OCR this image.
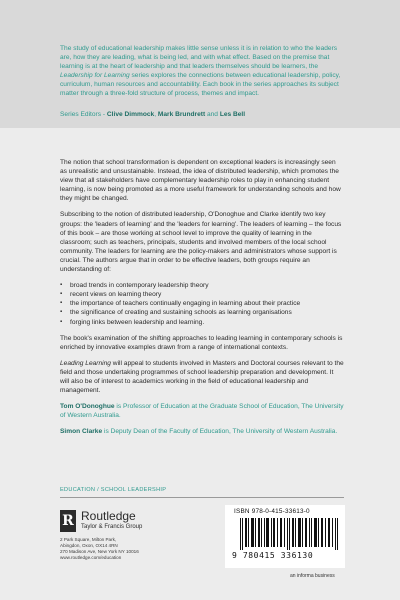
The study of educational leadership makes little sense unless it is in relation to who the leaders are, how they are leading, what is being led, and with what effect. Based on the premise that learning is at the heart of leadership and that leaders themselves should be learners, the Leadership for Learning series explores the connections between educational leadership, policy, curriculum, human resources and accountability. Each book in the series approaches its subject matter through a three-fold structure of process, themes and impact.
Series Editors - Clive Dimmock, Mark Brundrett and Les Bell

The notion that school transformation is dependent on exceptional leaders is increasingly seen as unrealistic and unsustainable. Instead, the idea of distributed leadership, which promotes the view that all stakeholders have complementary leadership roles to play in enhancing student learning, is now being promoted as a more useful framework for understanding schools and how they might be changed.

Subscribing to the notion of distributed leadership, O'Donoghue and Clarke identify two key groups: the 'leaders of learning' and the 'leaders for learning'. The leaders of learning – the focus of this book – are those working at school level to improve the quality of learning in the classroom; such as teachers, principals, students and involved members of the local school community. The leaders for learning are the policy-makers and administrators whose support is crucial. The authors argue that in order to be effective leaders, both groups require an understanding of:

▪ broad trends in contemporary leadership theory
▪ recent views on learning theory
▪ the importance of teachers continually engaging in learning about their practice
▪ the significance of creating and sustaining schools as learning organisations
▪ forging links between leadership and learning.

The book's examination of the shifting approaches to leading learning in contemporary schools is enriched by innovative examples drawn from a range of international contexts.

Leading Learning will appeal to students involved in Masters and Doctoral courses relevant to the field and those undertaking programmes of school leadership preparation and development. It will also be of interest to academics working in the field of educational leadership and management.

Tom O'Donoghue is Professor of Education at the Graduate School of Education, The University of Western Australia.

Simon Clarke is Deputy Dean of the Faculty of Education, The University of Western Australia.

EDUCATION / SCHOOL LEADERSHIP
R Routledge
Taylor & Francis Group
2 Park Square, Milton Park,
Abingdon, Oxon, OX14 4RN
270 Madison Ave, New York NY 10016
www.routledge.com/education
ISBN 978-0-415-33613-0
9 780415 336130
an informa business
